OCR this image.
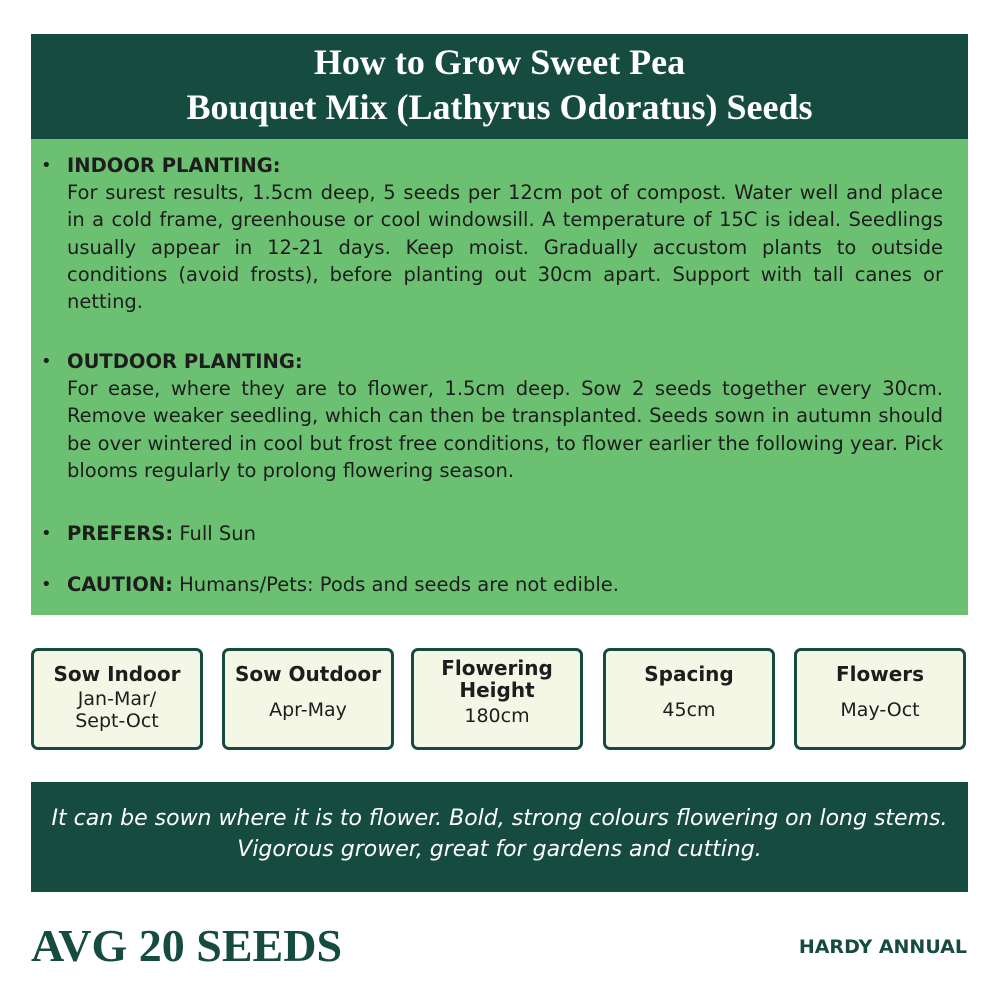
How to Grow Sweet Pea
Bouquet Mix (Lathyrus Odoratus) Seeds
• INDOOR PLANTING:
For surest results, 1.5cm deep, 5 seeds per 12cm pot of compost. Water well and place in a cold frame, greenhouse or cool windowsill. A temperature of 15C is ideal. Seedlings usually appear in 12-21 days. Keep moist. Gradually accustom plants to outside conditions (avoid frosts), before planting out 30cm apart. Support with tall canes or netting.
• OUTDOOR PLANTING:
For ease, where they are to flower, 1.5cm deep. Sow 2 seeds together every 30cm. Remove weaker seedling, which can then be transplanted. Seeds sown in autumn should be over wintered in cool but frost free conditions, to flower earlier the following year. Pick blooms regularly to prolong flowering season.
• PREFERS: Full Sun
• CAUTION: Humans/Pets: Pods and seeds are not edible.
Sow Indoor
Jan-Mar/
Sept-Oct
Sow Outdoor
Apr-May
Flowering
Height
180cm
Spacing
45cm
Flowers
May-Oct
It can be sown where it is to flower. Bold, strong colours flowering on long stems. Vigorous grower, great for gardens and cutting.
AVG 20 SEEDS	HARDY ANNUAL
